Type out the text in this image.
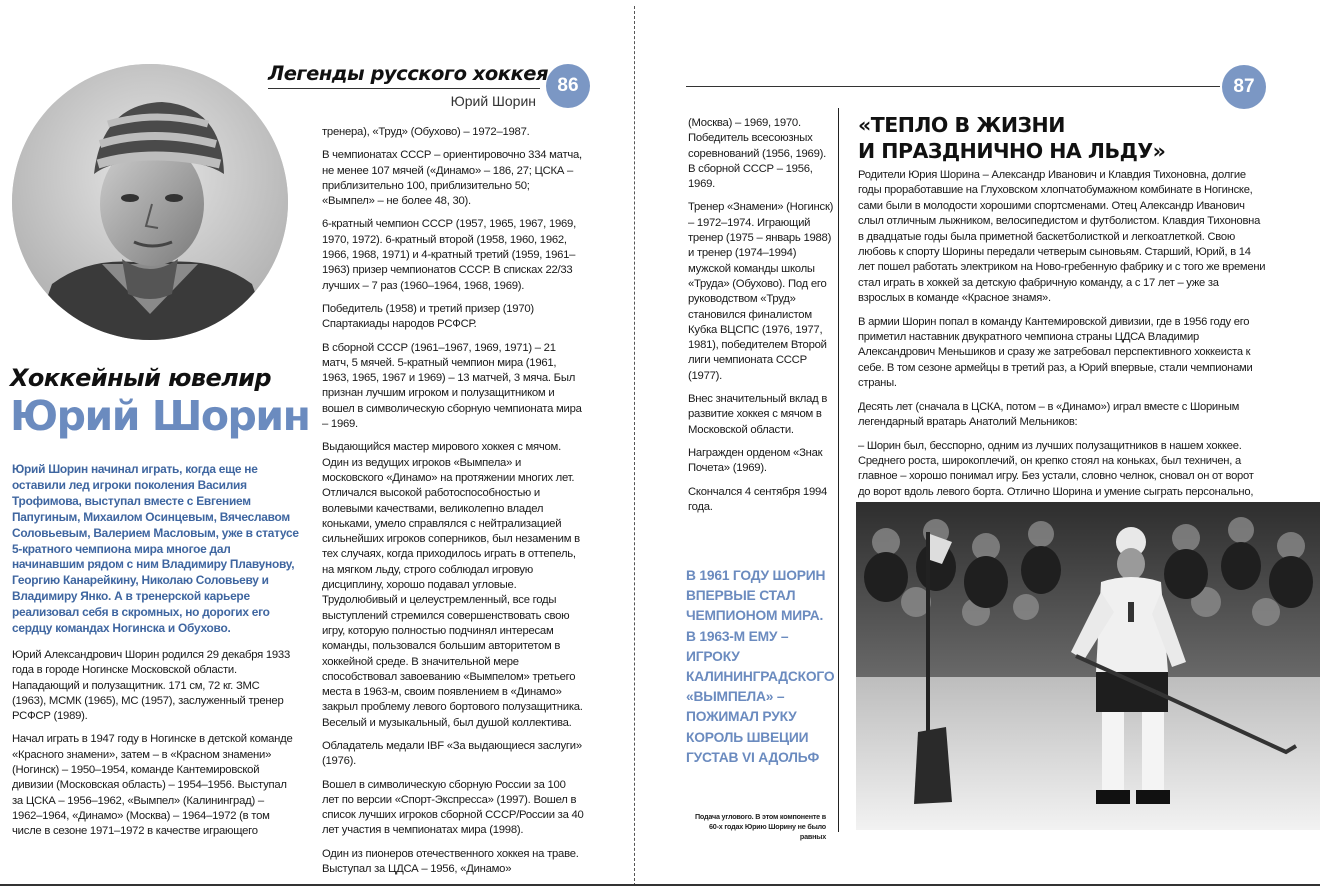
Легенды русского хоккея
Юрий Шорин
86
Хоккейный ювелир
Юрий Шорин
Юрий Шорин начинал играть, когда еще не оставили лед игроки поколения Василия Трофимова, выступал вместе с Евгением Папугиным, Михаилом Осинцевым, Вячеславом Соловьевым, Валерием Масловым, уже в статусе 5-кратного чемпиона мира многое дал начинавшим рядом с ним Владимиру Плавунову, Георгию Канарейкину, Николаю Соловьеву и Владимиру Янко. А в тренерской карьере реализовал себя в скромных, но дорогих его сердцу командах Ногинска и Обухово.

Юрий Александрович Шорин родился 29 декабря 1933 года в городе Ногинске Московской области. Нападающий и полузащитник. 171 см, 72 кг. ЗМС (1963), МСМК (1965), МС (1957), заслуженный тренер РСФСР (1989).

Начал играть в 1947 году в Ногинске в детской команде «Красного знамени», затем – в «Красном знамени» (Ногинск) – 1950–1954, команде Кантемировской дивизии (Московская область) – 1954–1956. Выступал за ЦСКА – 1956–1962, «Вымпел» (Калининград) – 1962–1964, «Динамо» (Москва) – 1964–1972 (в том числе в сезоне 1971–1972 в качестве играющего

тренера), «Труд» (Обухово) – 1972–1987.

В чемпионатах СССР – ориентировочно 334 матча, не менее 107 мячей («Динамо» – 186, 27; ЦСКА – приблизительно 100, приблизительно 50; «Вымпел» – не более 48, 30).

6-кратный чемпион СССР (1957, 1965, 1967, 1969, 1970, 1972). 6-кратный второй (1958, 1960, 1962, 1966, 1968, 1971) и 4-кратный третий (1959, 1961–1963) призер чемпионатов СССР. В списках 22/33 лучших – 7 раз (1960–1964, 1968, 1969).

Победитель (1958) и третий призер (1970) Спартакиады народов РСФСР.

В сборной СССР (1961–1967, 1969, 1971) – 21 матч, 5 мячей. 5-кратный чемпион мира (1961, 1963, 1965, 1967 и 1969) – 13 матчей, 3 мяча. Был признан лучшим игроком и полузащитником и вошел в символическую сборную чемпионата мира – 1969.

Выдающийся мастер мирового хоккея с мячом. Один из ведущих игроков «Вымпела» и московского «Динамо» на протяжении многих лет. Отличался высокой работоспособностью и волевыми качествами, великолепно владел коньками, умело справлялся с нейтрализацией сильнейших игроков соперников, был незаменим в тех случаях, когда приходилось играть в оттепель, на мягком льду, строго соблюдал игровую дисциплину, хорошо подавал угловые. Трудолюбивый и целеустремленный, все годы выступлений стремился совершенствовать свою игру, которую полностью подчинял интересам команды, пользовался большим авторитетом в хоккейной среде. В значительной мере способствовал завоеванию «Вымпелом» третьего места в 1963-м, своим появлением в «Динамо» закрыл проблему левого бортового полузащитника. Веселый и музыкальный, был душой коллектива.

Обладатель медали IBF «За выдающиеся заслуги» (1976).

Вошел в символическую сборную России за 100 лет по версии «Спорт-Экспресса» (1997). Вошел в список лучших игроков сборной СССР/России за 40 лет участия в чемпионатах мира (1998).

Один из пионеров отечественного хоккея на траве. Выступал за ЦДСА – 1956, «Динамо»

87

(Москва) – 1969, 1970. Победитель всесоюзных соревнований (1956, 1969). В сборной СССР – 1956, 1969.

Тренер «Знамени» (Ногинск) – 1972–1974. Играющий тренер (1975 – январь 1988) и тренер (1974–1994) мужской команды школы «Труда» (Обухово). Под его руководством «Труд» становился финалистом Кубка ВЦСПС (1976, 1977, 1981), победителем Второй лиги чемпионата СССР (1977).

Внес значительный вклад в развитие хоккея с мячом в Московской области.

Награжден орденом «Знак Почета» (1969).

Скончался 4 сентября 1994 года.

В 1961 ГОДУ ШОРИН ВПЕРВЫЕ СТАЛ ЧЕМПИОНОМ МИРА. В 1963-М ЕМУ – ИГРОКУ КАЛИНИНГРАДСКОГО «ВЫМПЕЛА» – ПОЖИМАЛ РУКУ КОРОЛЬ ШВЕЦИИ ГУСТАВ VI АДОЛЬФ
Подача углового. В этом компоненте в 60-х годах Юрию Шорину не было равных
«ТЕПЛО В ЖИЗНИ
И ПРАЗДНИЧНО НА ЛЬДУ»

Родители Юрия Шорина – Александр Иванович и Клавдия Тихоновна, долгие годы проработавшие на Глуховском хлопчатобумажном комбинате в Ногинске, сами были в молодости хорошими спортсменами. Отец Александр Иванович слыл отличным лыжником, велосипедистом и футболистом. Клавдия Тихоновна в двадцатые годы была приметной баскетболисткой и легкоатлеткой. Свою любовь к спорту Шорины передали четверым сыновьям. Старший, Юрий, в 14 лет пошел работать электриком на Ново-гребенную фабрику и с того же времени стал играть в хоккей за детскую фабричную команду, а с 17 лет – уже за взрослых в команде «Красное знамя».

В армии Шорин попал в команду Кантемировской дивизии, где в 1956 году его приметил наставник двукратного чемпиона страны ЦДСА Владимир Александрович Меньшиков и сразу же затребовал перспективного хоккеиста к себе. В том сезоне армейцы в третий раз, а Юрий впервые, стали чемпионами страны.

Десять лет (сначала в ЦСКА, потом – в «Динамо») играл вместе с Шориным легендарный вратарь Анатолий Мельников:

– Шорин был, бесспорно, одним из лучших полузащитников в нашем хоккее. Среднего роста, широкоплечий, он крепко стоял на коньках, был техничен, а главное – хорошо понимал игру. Без устали, словно челнок, сновал он от ворот до ворот вдоль левого борта. Отлично Шорина и умение сыграть персонально,
